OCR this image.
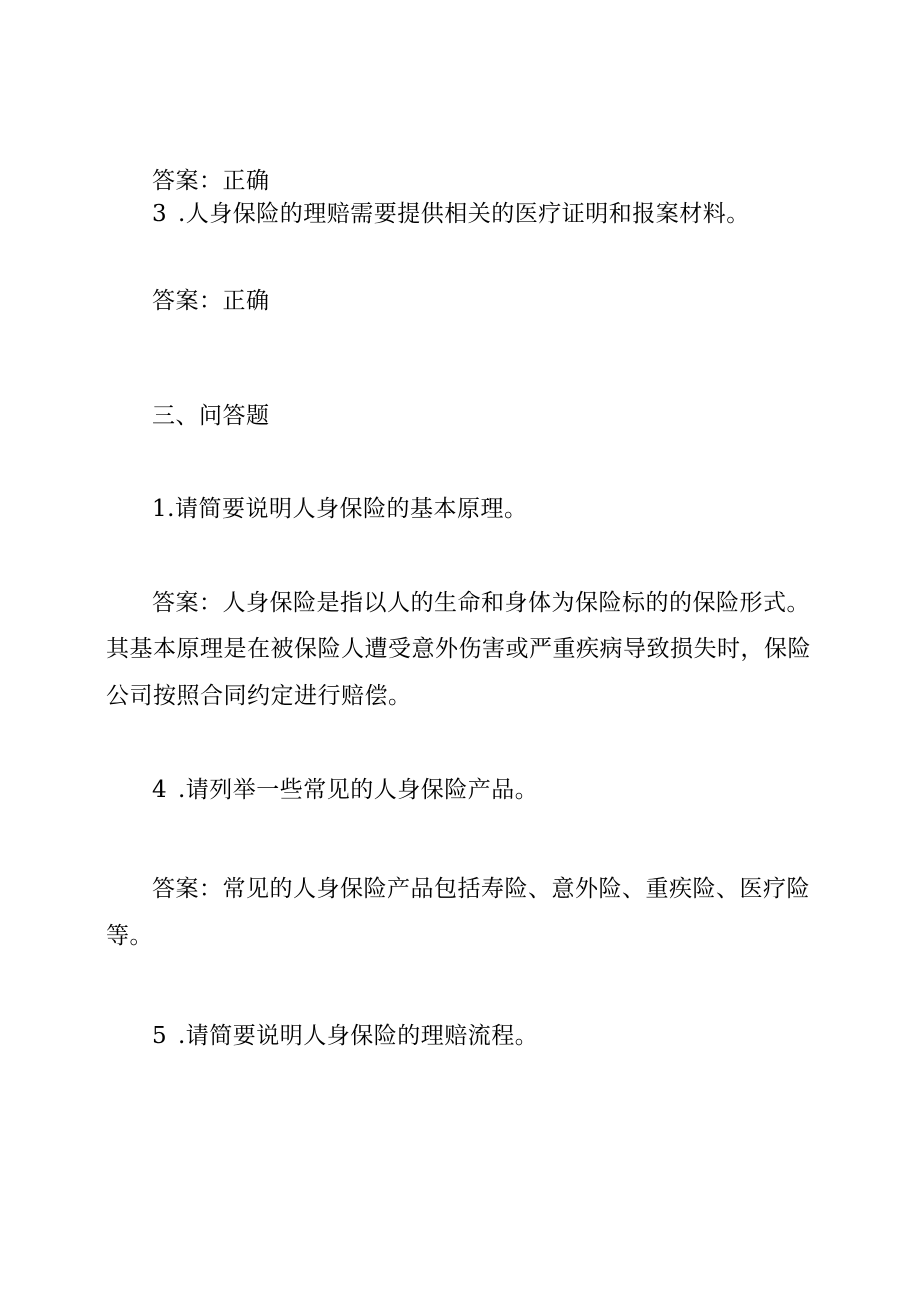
答案：正确
3 .人身保险的理赔需要提供相关的医疗证明和报案材料。
答案：正确
三、问答题
1.请简要说明人身保险的基本原理。
答案：人身保险是指以人的生命和身体为保险标的的保险形式。
其基本原理是在被保险人遭受意外伤害或严重疾病导致损失时，保险
公司按照合同约定进行赔偿。
4 .请列举一些常见的人身保险产品。
答案：常见的人身保险产品包括寿险、意外险、重疾险、医疗险
等。
5 .请简要说明人身保险的理赔流程。
